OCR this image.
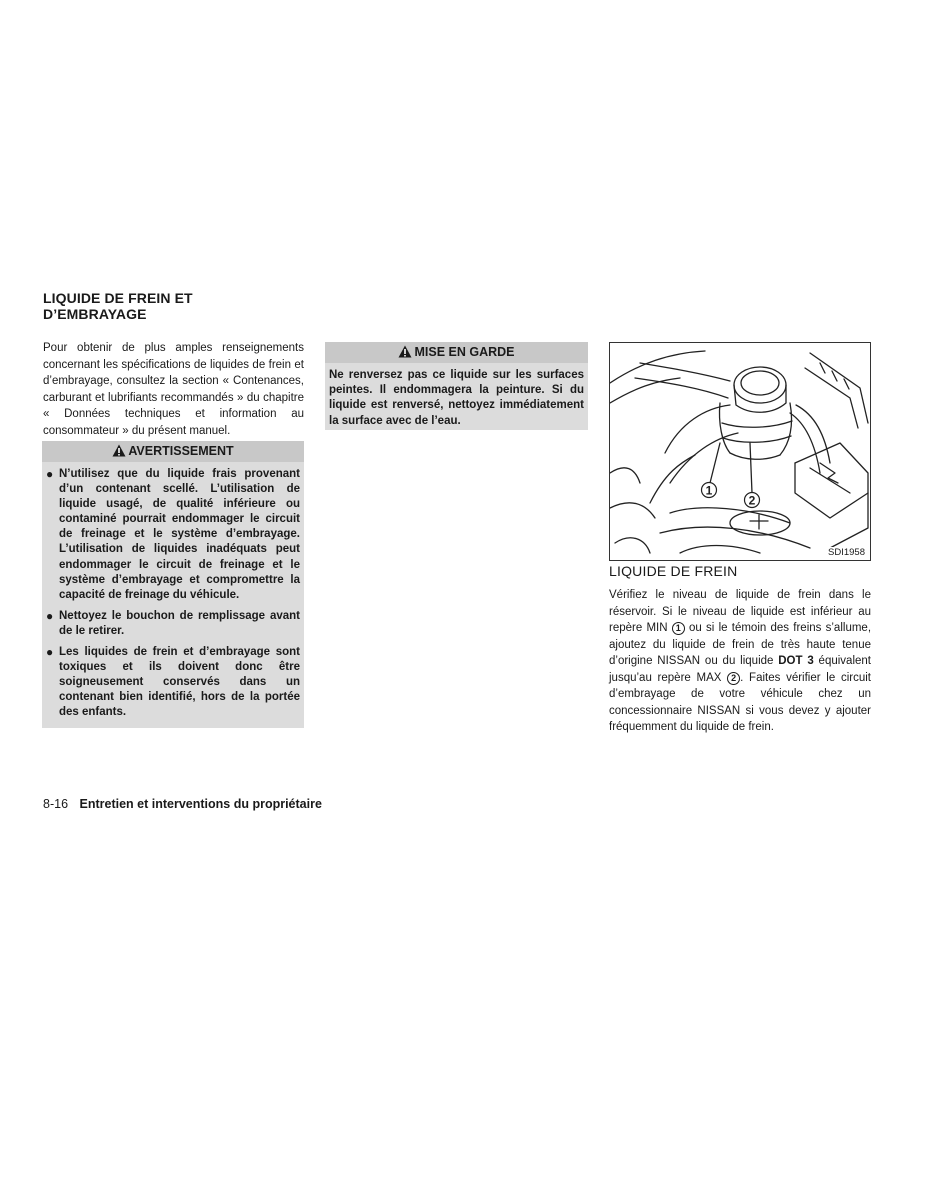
LIQUIDE DE FREIN ET
D’EMBRAYAGE

Pour obtenir de plus amples renseignements concernant les spécifications de liquides de frein et d’embrayage, consultez la section « Contenances, carburant et lubrifiants recommandés » du chapitre « Données techniques et information au consommateur » du présent manuel.

AVERTISSEMENT
● N’utilisez que du liquide frais provenant d’un contenant scellé. L’utilisation de liquide usagé, de qualité inférieure ou contaminé pourrait endommager le circuit de freinage et le système d’embrayage. L’utilisation de liquides inadéquats peut endommager le circuit de freinage et le système d’embrayage et compromettre la capacité de freinage du véhicule.
● Nettoyez le bouchon de remplissage avant de le retirer.
● Les liquides de frein et d’embrayage sont toxiques et ils doivent donc être soigneusement conservés dans un contenant bien identifié, hors de la portée des enfants.
MISE EN GARDE

Ne renversez pas ce liquide sur les surfaces peintes. Il endommagera la peinture. Si du liquide est renversé, nettoyez immédiatement la surface avec de l’eau.

1
2
SDI1958
LIQUIDE DE FREIN

Vérifiez le niveau de liquide de frein dans le réservoir. Si le niveau de liquide est inférieur au repère MIN 1 ou si le témoin des freins s’allume, ajoutez du liquide de frein de très haute tenue d’origine NISSAN ou du liquide DOT 3 équivalent jusqu’au repère MAX 2 . Faites vérifier le circuit d’embrayage de votre véhicule chez un concessionnaire NISSAN si vous devez y ajouter fréquemment du liquide de frein.

8-16 Entretien et interventions du propriétaire
